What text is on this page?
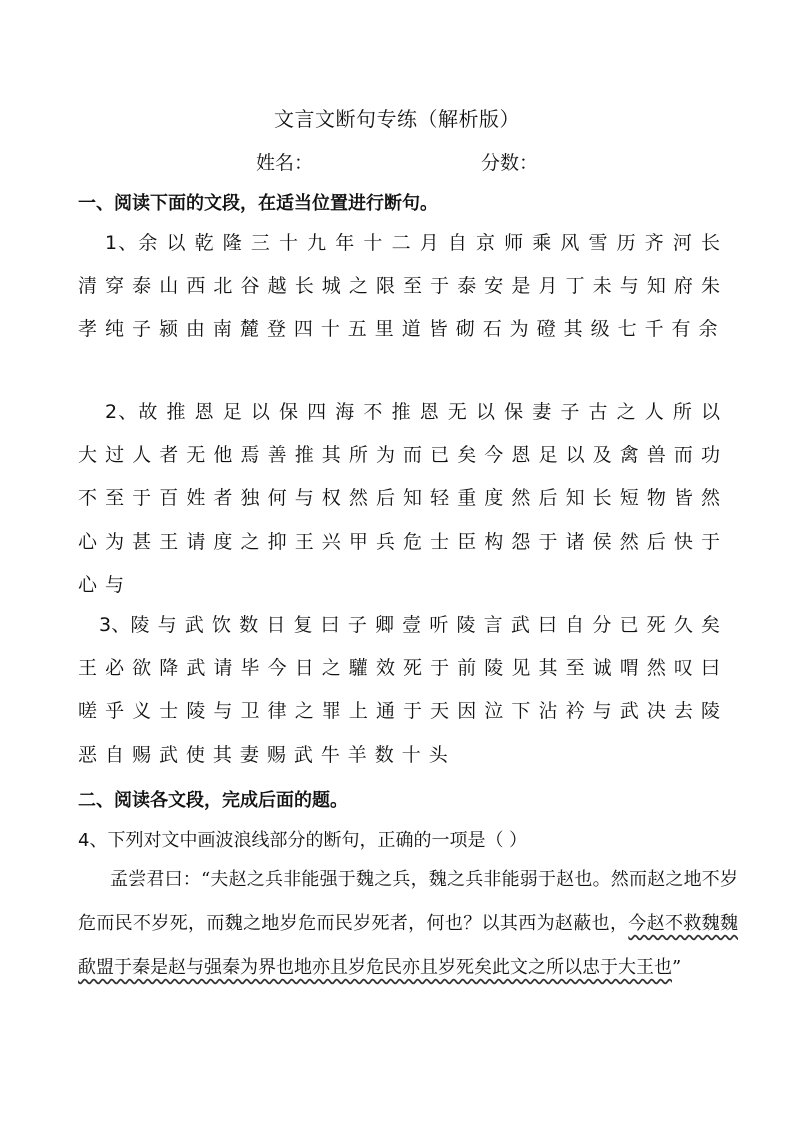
文言文断句专练（解析版）
姓名：	分数：
一、阅读下面的文段，在适当位置进行断句。
1、余以乾隆三十九年十二月自京师乘风雪历齐河长清穿泰山西北谷越长城之限至于泰安是月丁未与知府朱孝纯子颍由南麓登四十五里道皆砌石为磴其级七千有余
2、故推恩足以保四海不推恩无以保妻子古之人所以大过人者无他焉善推其所为而已矣今恩足以及禽兽而功不至于百姓者独何与权然后知轻重度然后知长短物皆然心为甚王请度之抑王兴甲兵危士臣构怨于诸侯然后快于心与
3、陵与武饮数日复曰子卿壹听陵言武曰自分已死久矣王必欲降武请毕今日之驩效死于前陵见其至诚喟然叹曰嗟乎义士陵与卫律之罪上通于天因泣下沾衿与武决去陵恶自赐武使其妻赐武牛羊数十头
二、阅读各文段，完成后面的题。
4、下列对文中画波浪线部分的断句，正确的一项是（ ）
孟尝君曰：“夫赵之兵非能强于魏之兵，魏之兵非能弱于赵也。然而赵之地不岁危而民不岁死，而魏之地岁危而民岁死者，何也？以其西为赵蔽也，今赵不救魏魏歃盟于秦是赵与强秦为界也地亦且岁危民亦且岁死矣此文之所以忠于大王也”
